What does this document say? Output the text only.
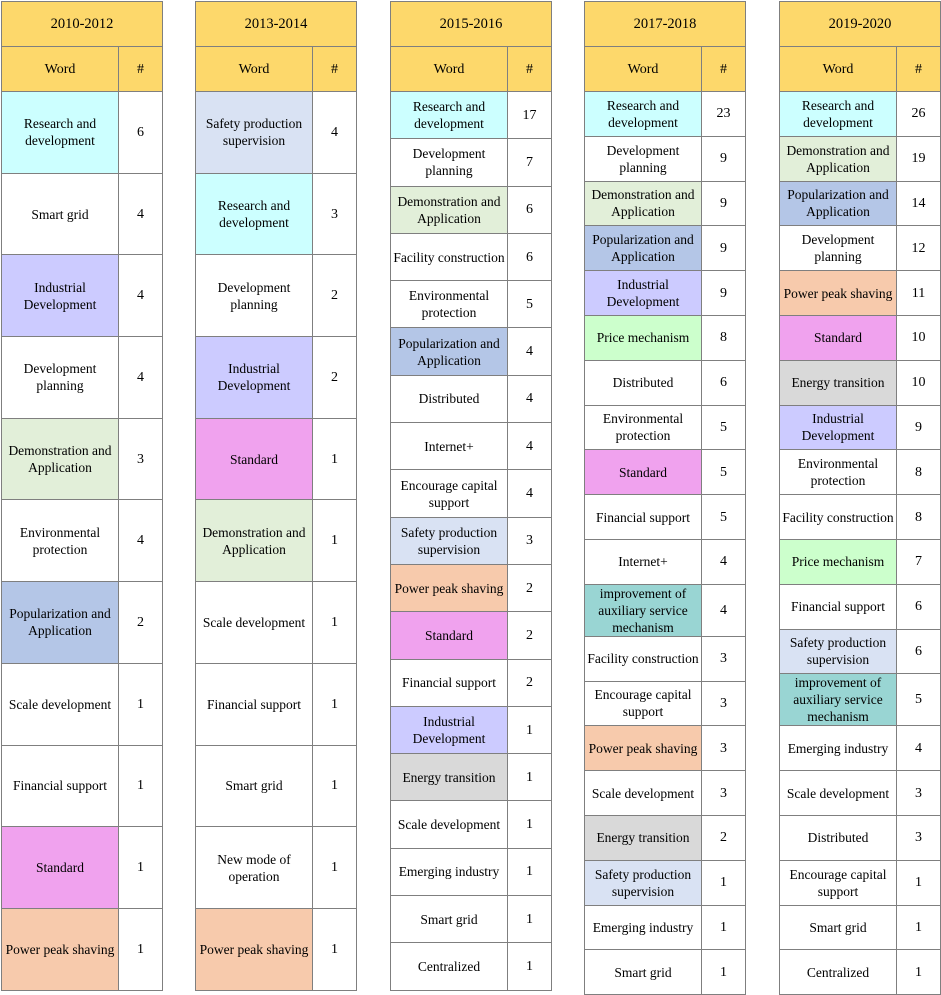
2010-2012	
Word	#
Research and development	6
Smart grid	4
Industrial Development	4
Development planning	4
Demonstration and Application	3
Environmental protection	4
Popularization and Application	2
Scale development	1
Financial support	1
Standard	1
Power peak shaving	1
2013-2014	
Word	#
Safety production supervision	4
Research and development	3
Development planning	2
Industrial Development	2
Standard	1
Demonstration and Application	1
Scale development	1
Financial support	1
Smart grid	1
New mode of operation	1
Power peak shaving	1
2015-2016	
Word	#
Research and development	17
Development planning	7
Demonstration and Application	6
Facility construction	6
Environmental protection	5
Popularization and Application	4
Distributed	4
Internet+	4
Encourage capital support	4
Safety production supervision	3
Power peak shaving	2
Standard	2
Financial support	2
Industrial Development	1
Energy transition	1
Scale development	1
Emerging industry	1
Smart grid	1
Centralized	1
2017-2018	
Word	#
Research and development	23
Development planning	9
Demonstration and Application	9
Popularization and Application	9
Industrial Development	9
Price mechanism	8
Distributed	6
Environmental protection	5
Standard	5
Financial support	5
Internet+	4
improvement of auxiliary service mechanism	4
Facility construction	3
Encourage capital support	3
Power peak shaving	3
Scale development	3
Energy transition	2
Safety production supervision	1
Emerging industry	1
Smart grid	1
2019-2020	
Word	#
Research and development	26
Demonstration and Application	19
Popularization and Application	14
Development planning	12
Power peak shaving	11
Standard	10
Energy transition	10
Industrial Development	9
Environmental protection	8
Facility construction	8
Price mechanism	7
Financial support	6
Safety production supervision	6
improvement of auxiliary service mechanism	5
Emerging industry	4
Scale development	3
Distributed	3
Encourage capital support	1
Smart grid	1
Centralized	1
